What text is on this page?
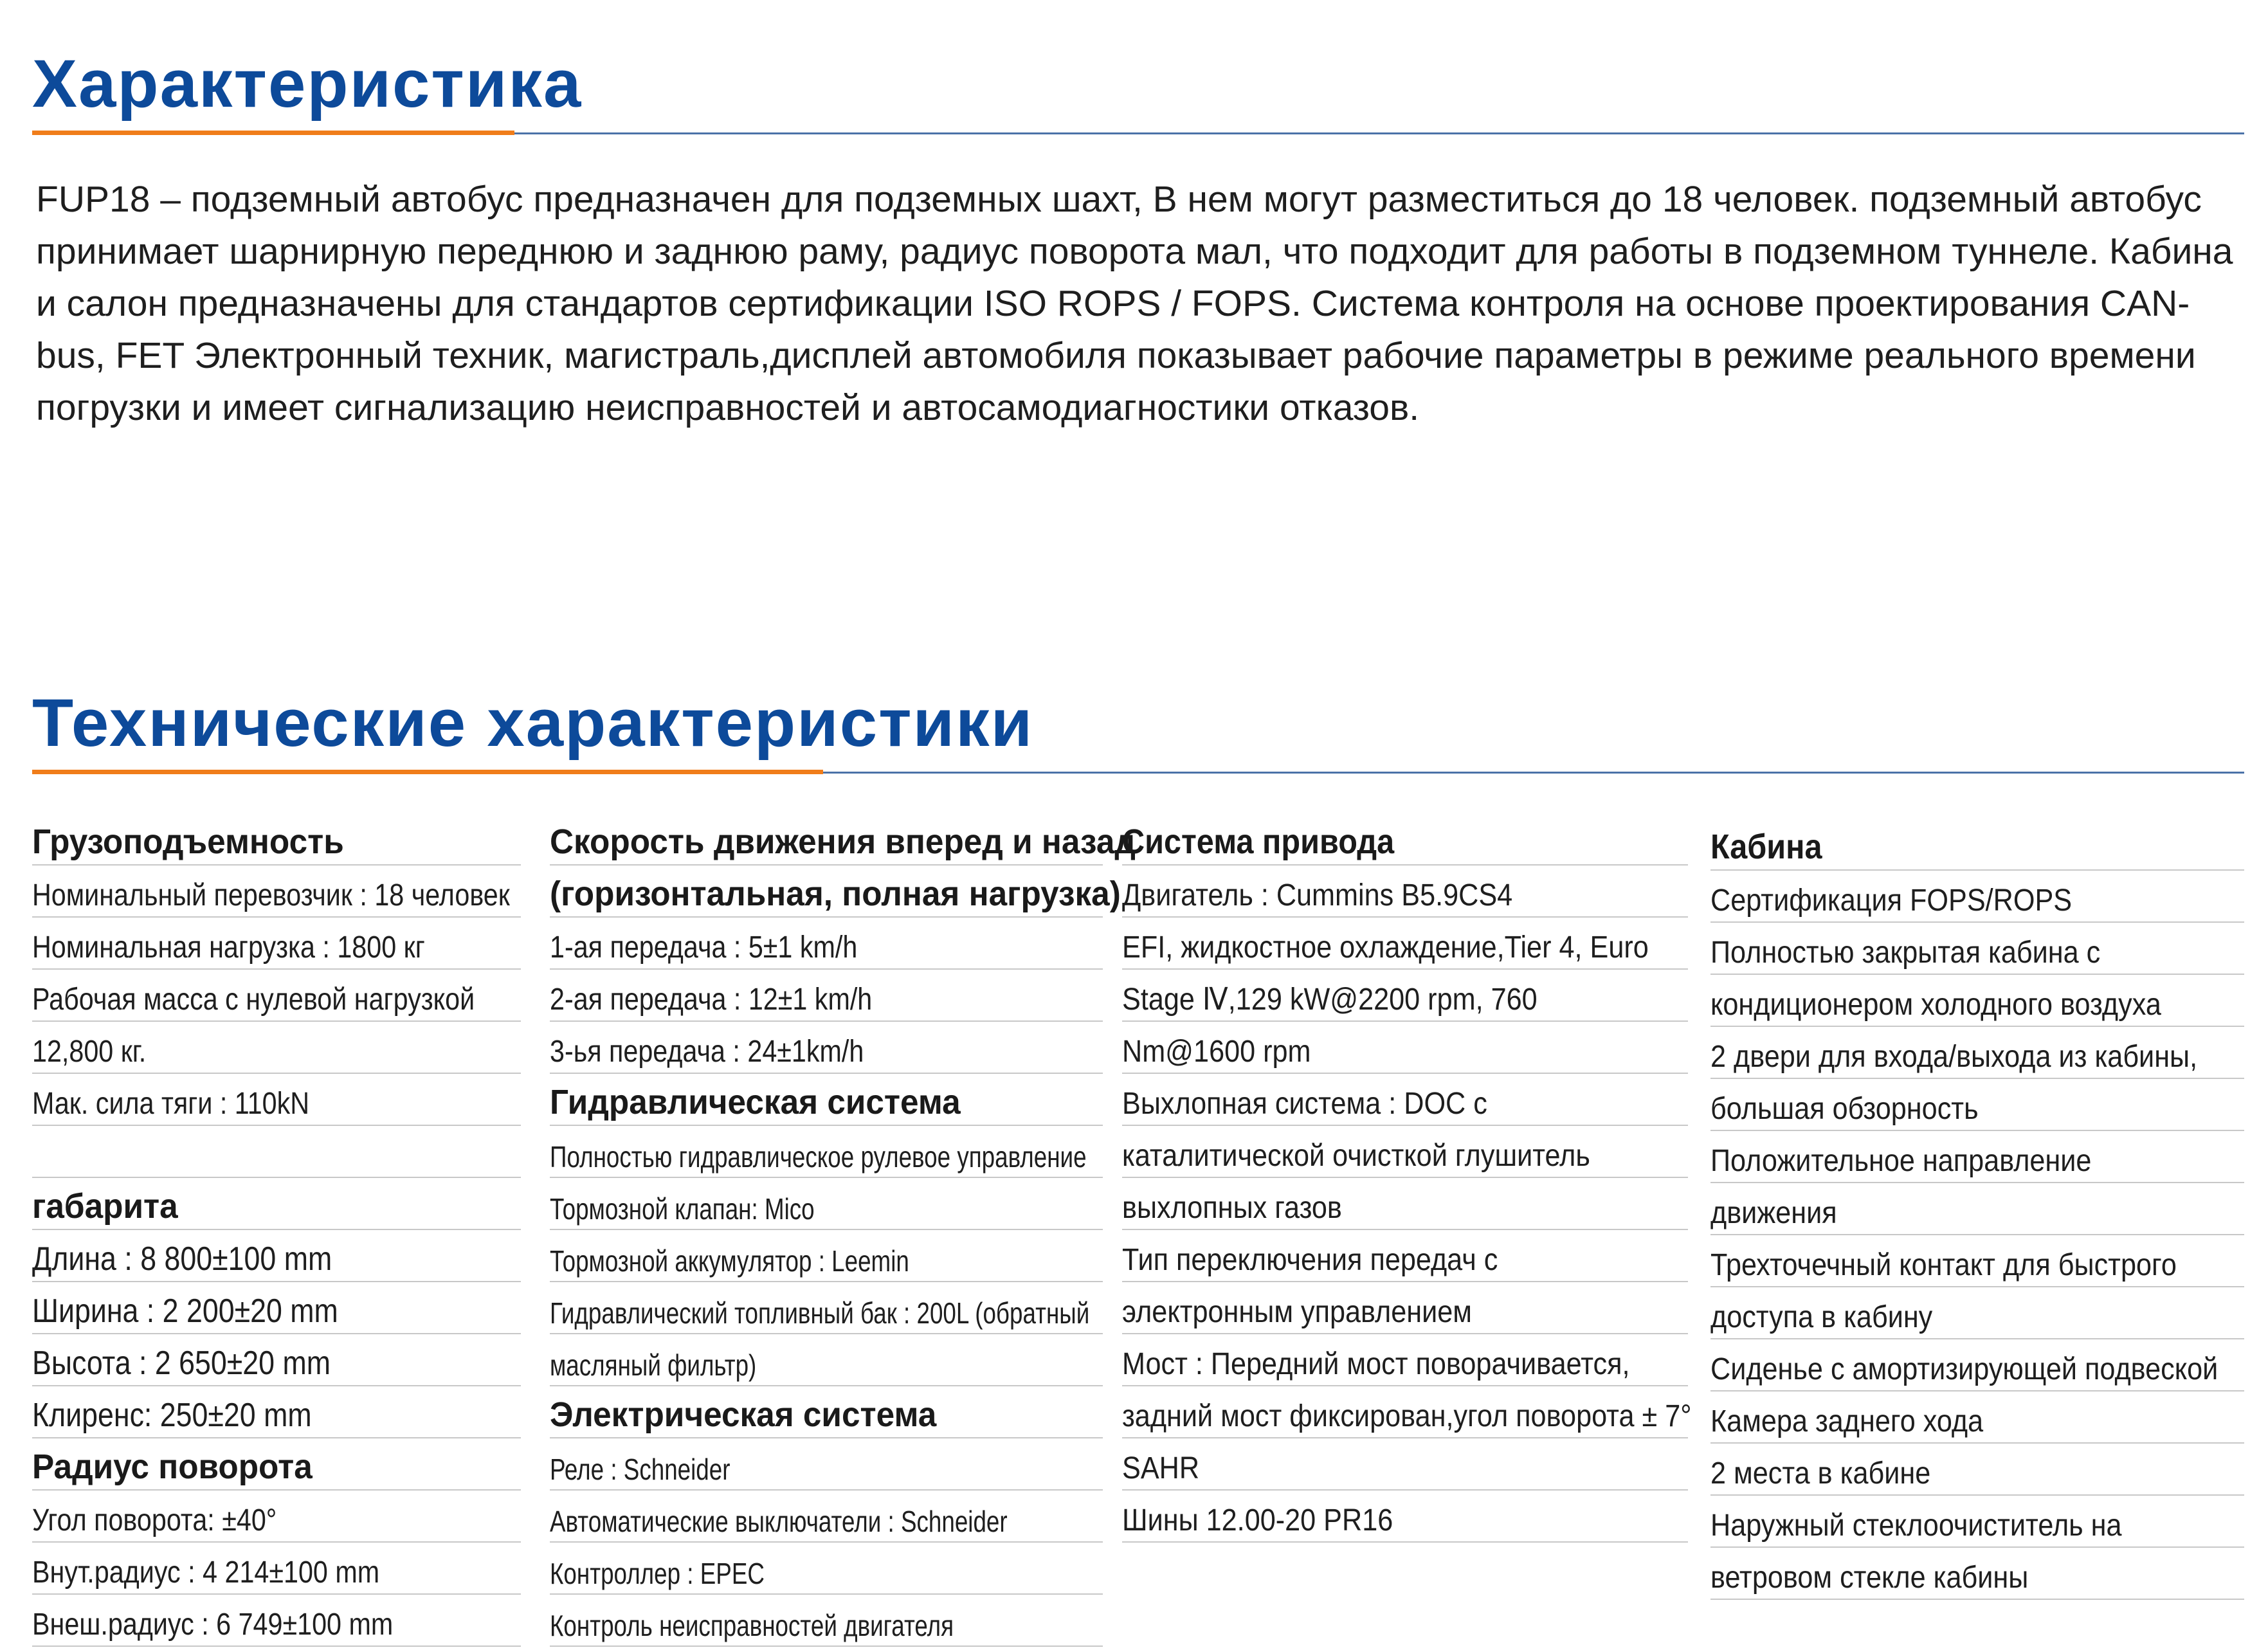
Характеристика

FUP18 – подземный автобус предназначен для подземных шахт, В нем могут разместиться до 18 человек. подземный автобус принимает шарнирную переднюю и заднюю раму, радиус поворота мал, что подходит для работы в подземном туннеле. Кабина и салон предназначены для стандартов сертификации ISO ROPS / FOPS. Система контроля на основе проектирования CAN-bus, FET Электронный техник, магистраль,дисплей автомобиля показывает рабочие параметры в режиме реального времени погрузки и имеет сигнализацию неисправностей и автосамодиагностики отказов.

Технические характеристики
Грузоподъемность
Номинальный перевозчик : 18 человек
Номинальная нагрузка : 1800 кг
Рабочая масса с нулевой нагрузкой
12,800 кг.
Мак. сила тяги : 110kN
габарита
Длина : 8 800±100 mm
Ширина : 2 200±20 mm
Высота : 2 650±20 mm
Клиренс: 250±20 mm
Радиус поворота
Угол поворота: ±40°
Внут.радиус : 4 214±100 mm
Внеш.радиус : 6 749±100 mm
Скорость движения вперед и назад
(горизонтальная, полная нагрузка)
1-ая передача : 5±1 km/h
2-ая передача : 12±1 km/h
3-ья передача : 24±1km/h
Гидравлическая система
Полностью гидравлическое рулевое управление
Тормозной клапан: Mico
Тормозной аккумулятор : Leemin
Гидравлический топливный бак : 200L (обратный
масляный фильтр)
Электрическая система
Реле : Schneider
Автоматические выключатели : Schneider
Контроллер : EPEC
Контроль неисправностей двигателя
Система привода
Двигатель : Cummins B5.9CS4
EFI, жидкостное охлаждение,Tier 4, Euro
Stage Ⅳ,129 kW@2200 rpm, 760
Nm@1600 rpm
Выхлопная система : DOC с
каталитической очисткой глушитель
выхлопных газов
Тип переключения передач с
электронным управлением
Мост : Передний мост поворачивается,
задний мост фиксирован,угол поворота ± 7°
SAHR
Шины 12.00-20 PR16
Кабина
Сертификация FOPS/ROPS
Полностью закрытая кабина с
кондиционером холодного воздуха
2 двери для входа/выхода из кабины,
большая обзорность
Положительное направление
движения
Трехточечный контакт для быстрого
доступа в кабину
Сиденье с амортизирующей подвеской
Камера заднего хода
2 места в кабине
Наружный стеклоочиститель на
ветровом стекле кабины
